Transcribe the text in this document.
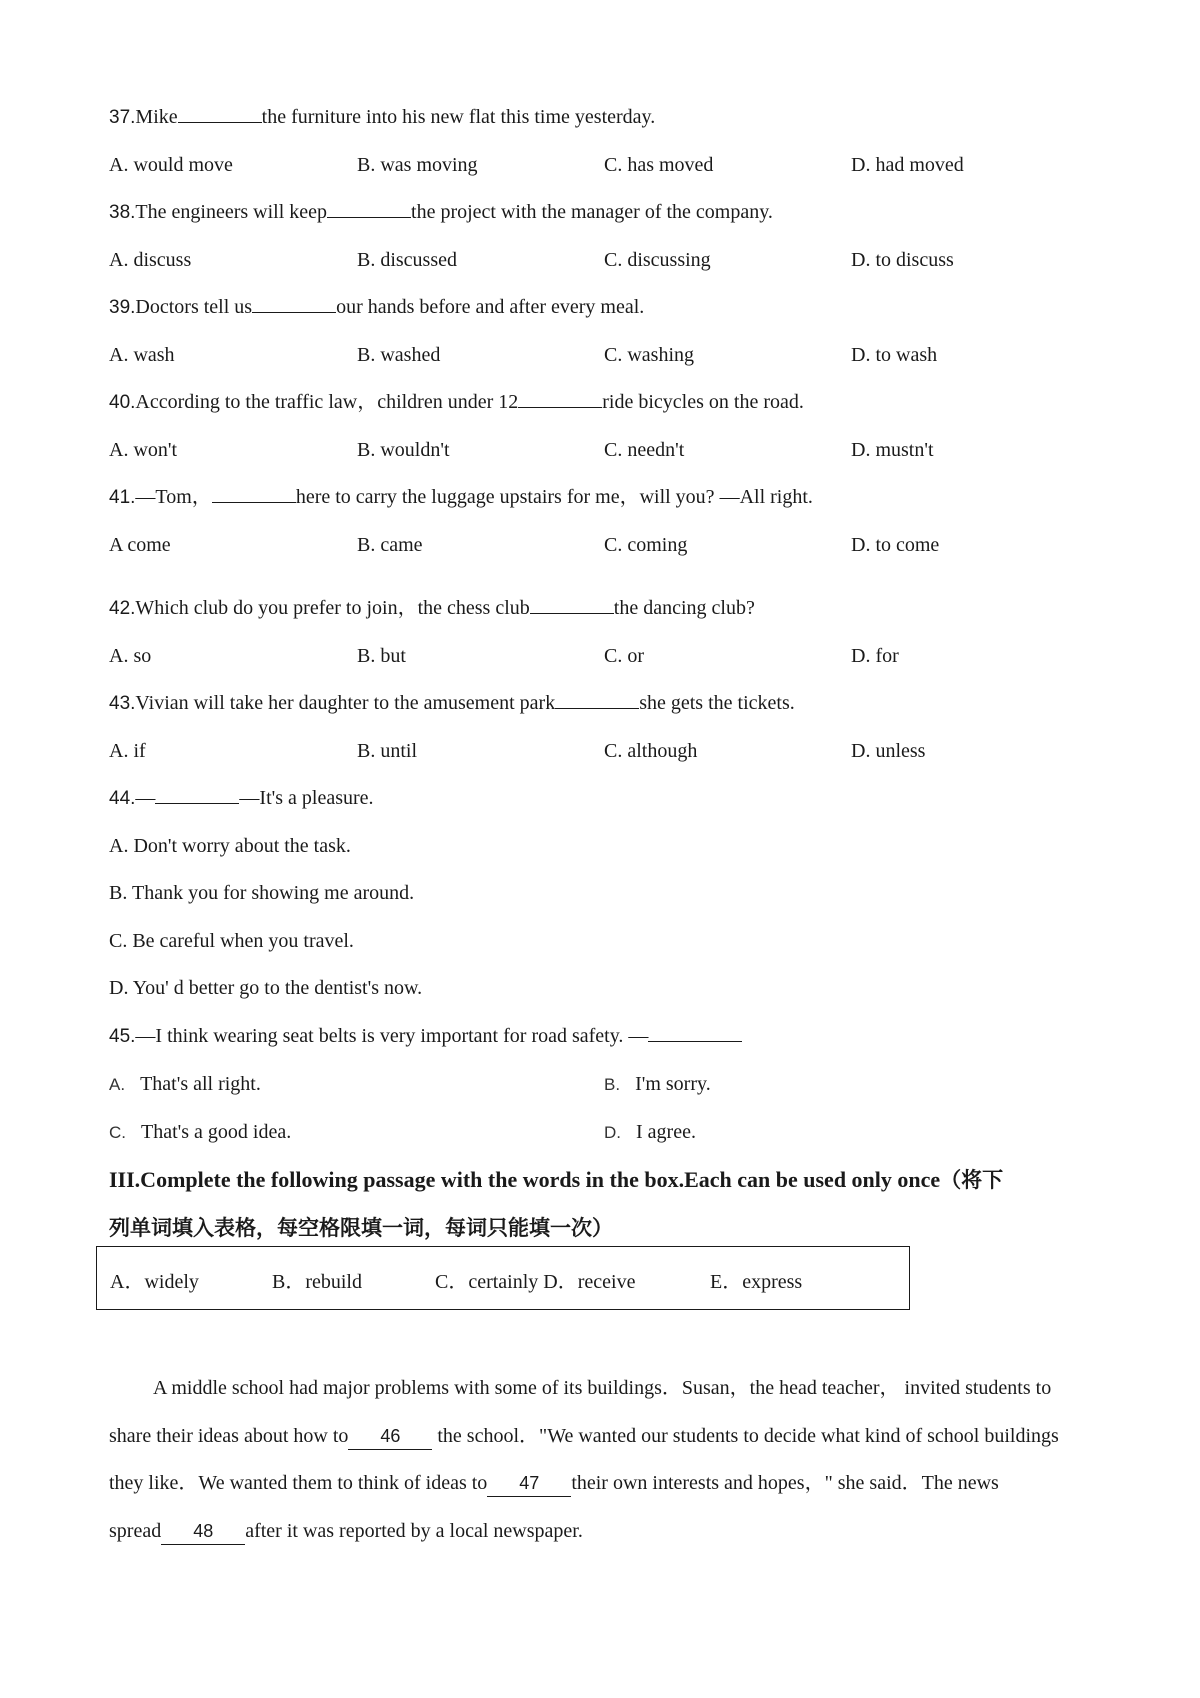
37.Mike	the furniture into his new flat this time yesterday.
A. would move	B. was moving	C. has moved	D. had moved
38.The engineers will keep	the project with the manager of the company.
A. discuss	B. discussed	C. discussing	D. to discuss
39.Doctors tell us	our hands before and after every meal.
A. wash	B. washed	C. washing	D. to wash
40.According to the traffic law，children under 12	ride bicycles on the road.
A. won't	B. wouldn't	C. needn't	D. mustn't
41.—Tom，	here to carry the luggage upstairs for me，will you? —All right.
A come	B. came	C. coming	D. to come
42.Which club do you prefer to join，the chess club	the dancing club?
A. so	B. but	C. or	D. for
43.Vivian will take her daughter to the amusement park	she gets the tickets.
A. if	B. until	C. although	D. unless
44.—	—It's a pleasure.
A. Don't worry about the task.
B. Thank you for showing me around.
C. Be careful when you travel.
D. You' d better go to the dentist's now.
45.—I think wearing seat belts is very important for road safety. —
A. That's all right.	B. I'm sorry.
C. That's a good idea.	D. I agree.
III.Complete the following passage with the words in the box.Each can be used only once（将下
列单词填入表格，每空格限填一词，每词只能填一次）
A．widely	B．rebuild	C．certainly D．receive	E．express
A middle school had major problems with some of its buildings．Susan，the head teacher， invited students to
share their ideas about how to 46 the school．"We wanted our students to decide what kind of school buildings
they like．We wanted them to think of ideas to 47 their own interests and hopes，" she said．The news
spread 48 after it was reported by a local newspaper.
